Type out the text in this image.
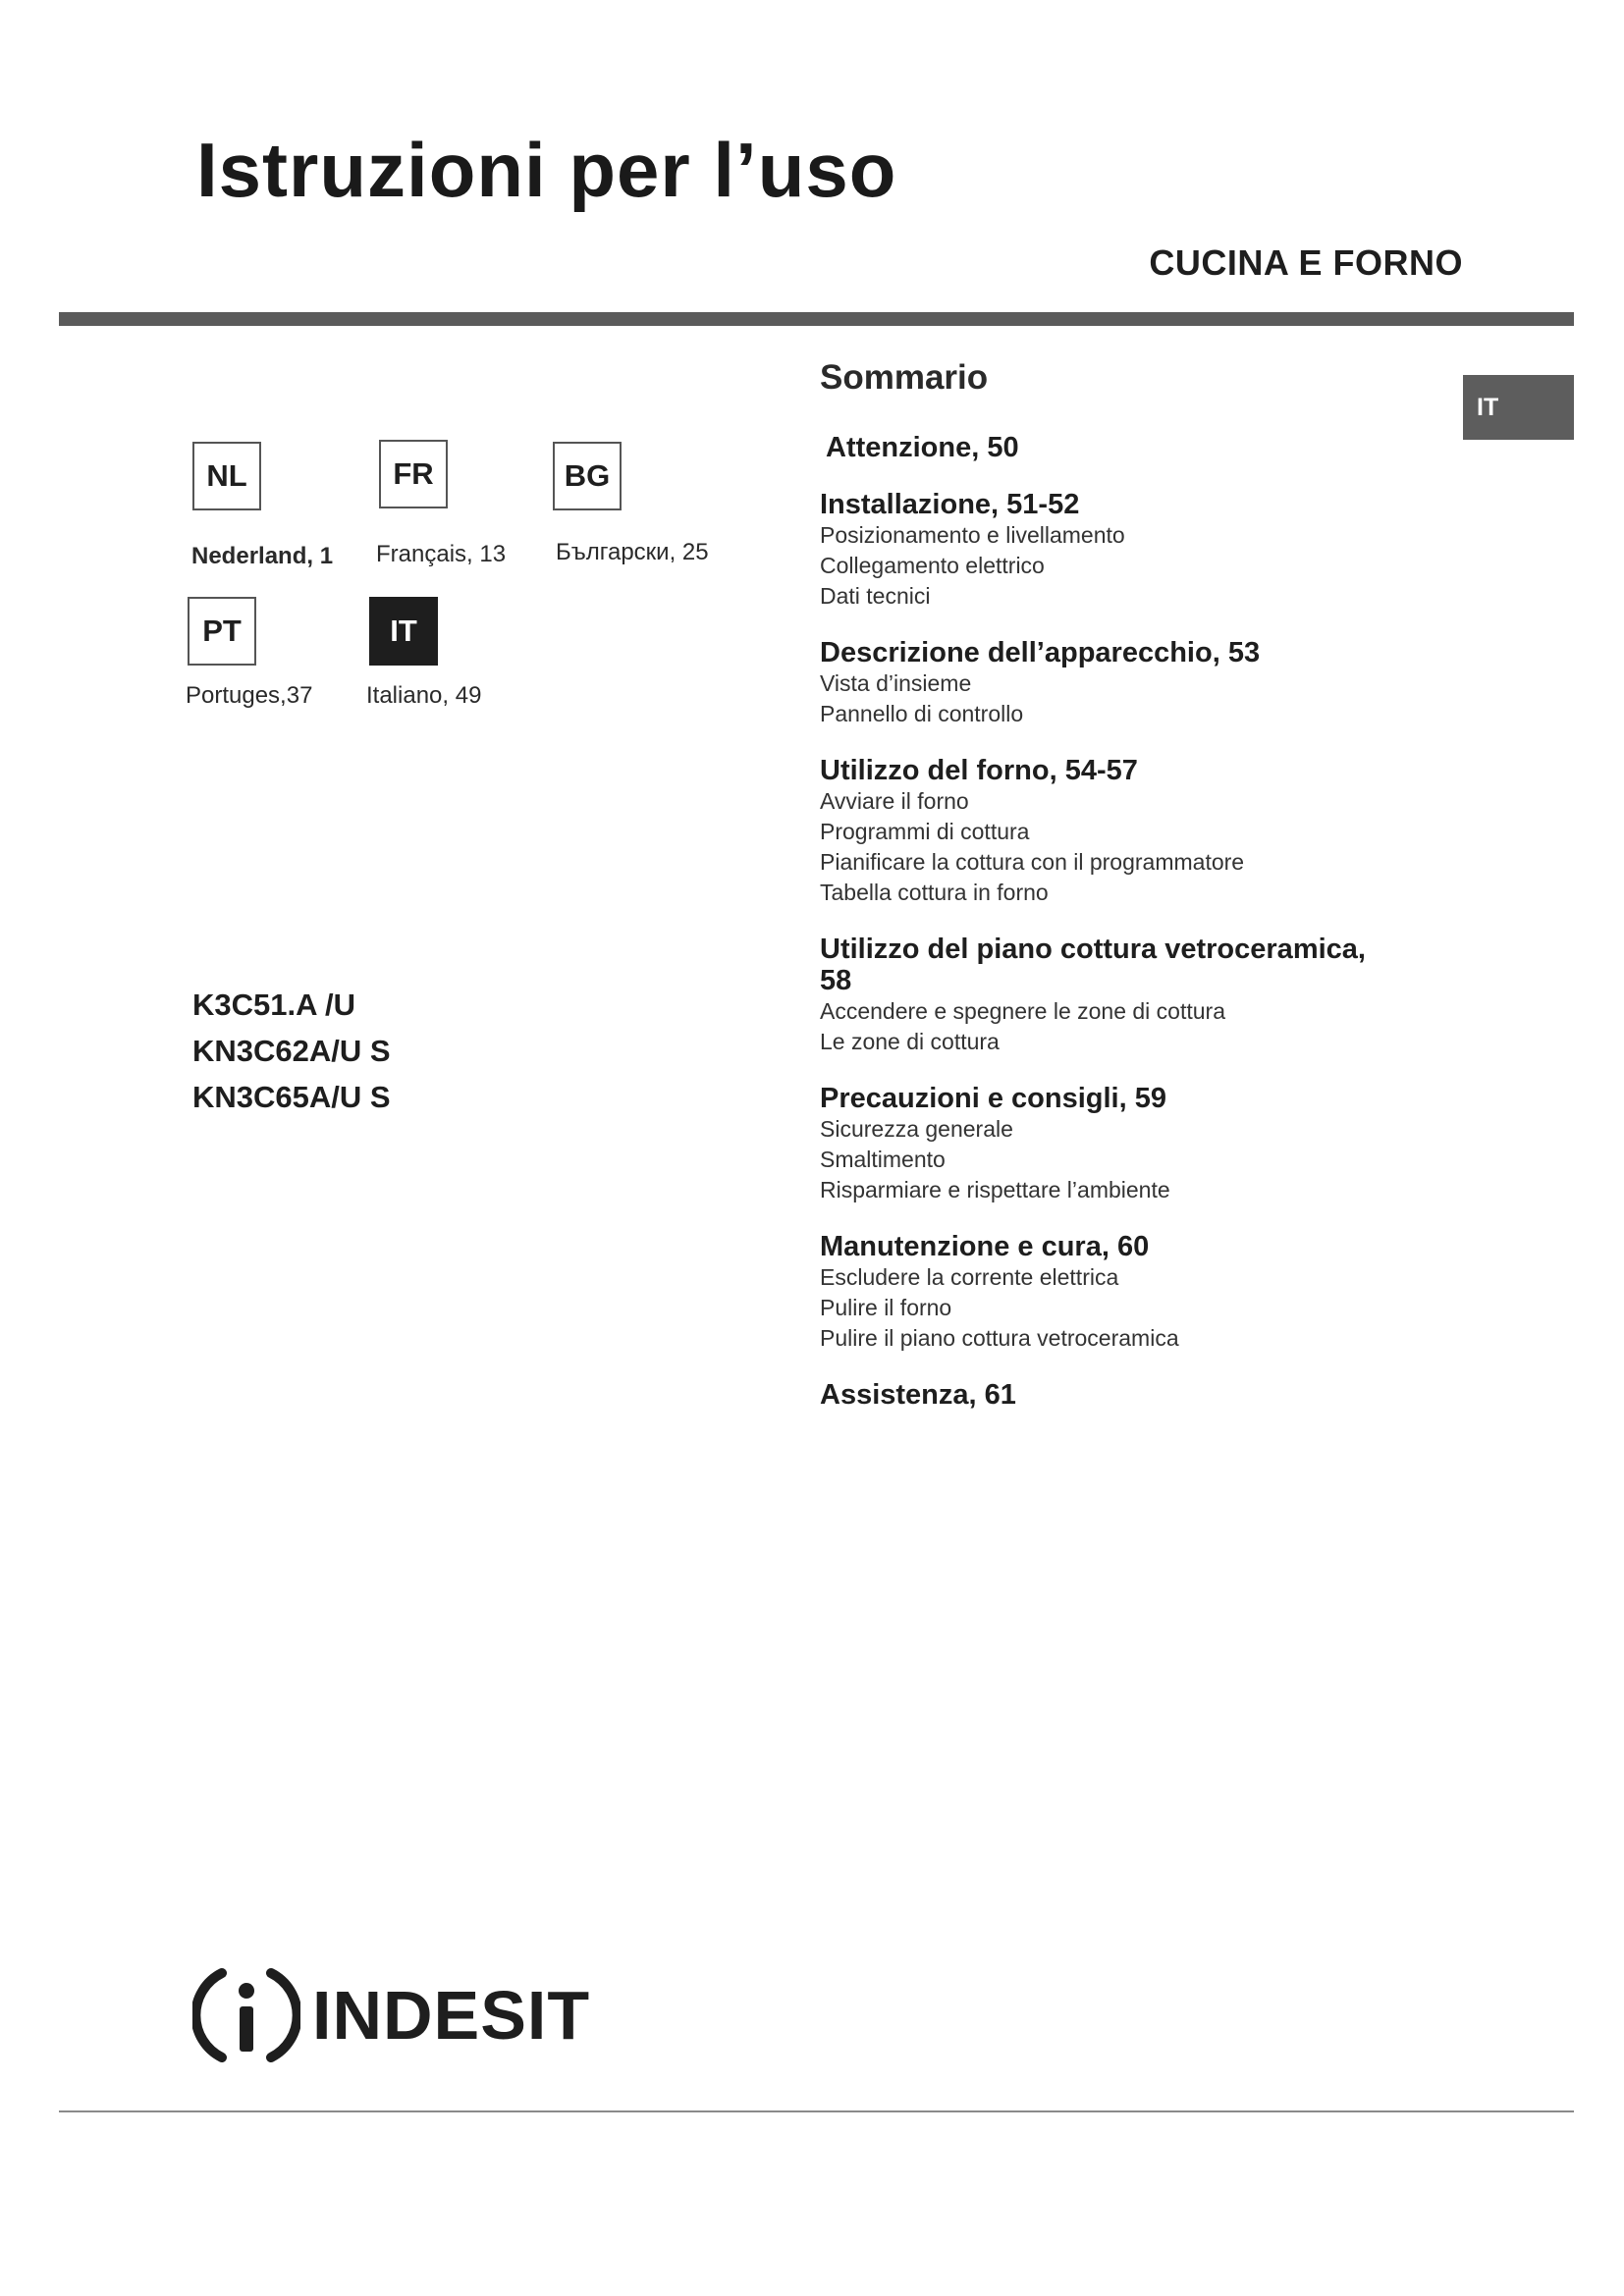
Istruzioni per l’uso
CUCINA E FORNO
NL	FR	BG
Nederland, 1 Français, 13 Български, 25
PT	IT
Portuges,37 Italiano, 49
K3C51.A /U
KN3C62A/U S
KN3C65A/U S
Sommario
Attenzione, 50
Installazione, 51-52
Posizionamento e livellamento
Collegamento elettrico
Dati tecnici
Descrizione dell’apparecchio, 53
Vista d’insieme
Pannello di controllo
Utilizzo del forno, 54-57
Avviare il forno
Programmi di cottura
Pianificare la cottura con il programmatore
Tabella cottura in forno
Utilizzo del piano cottura vetroceramica, 58
Accendere e spegnere le zone di cottura
Le zone di cottura
Precauzioni e consigli, 59
Sicurezza generale
Smaltimento
Risparmiare e rispettare l’ambiente
Manutenzione e cura, 60
Escludere la corrente elettrica
Pulire il forno
Pulire il piano cottura vetroceramica
Assistenza, 61
IT
INDESIT
